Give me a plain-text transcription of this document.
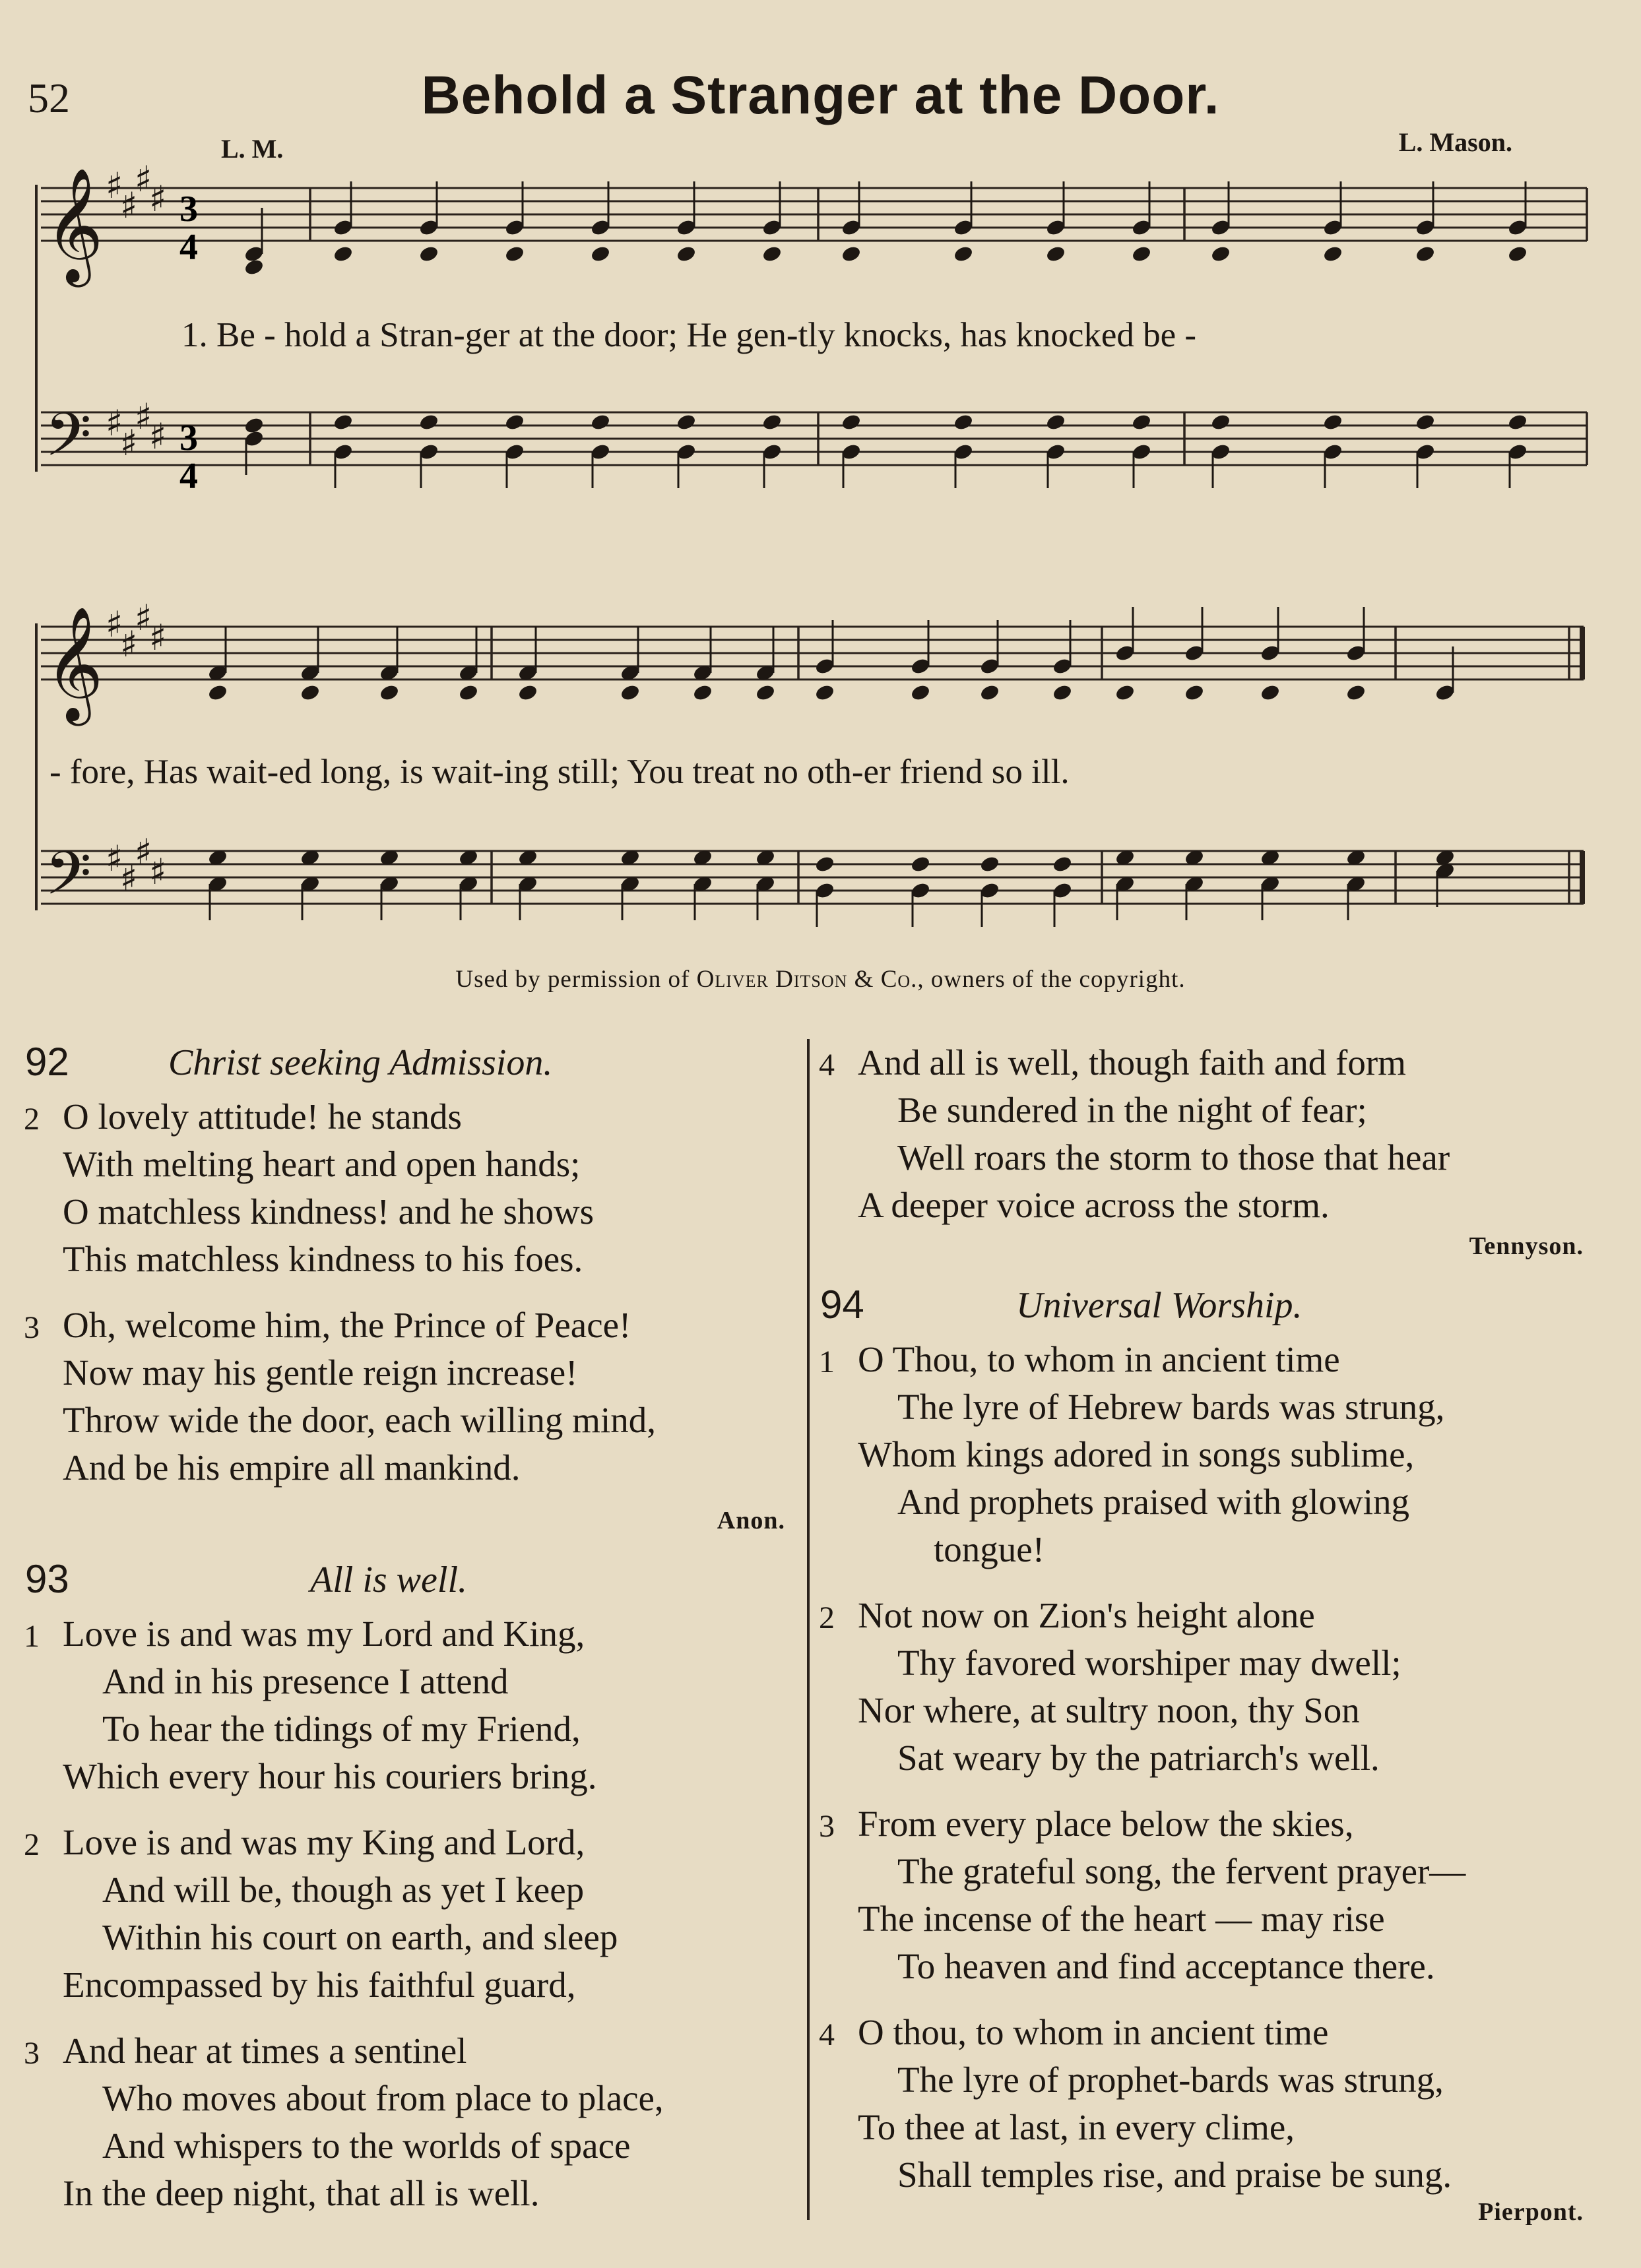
52	Behold a Stranger at the Door.
L. M.	L. Mason.
𝄞
𝄢
𝄞
𝄢
♯
♯
♯
♯
♯
♯
♯
♯
♯
♯
♯
♯
♯
♯
♯
♯
3
4
3
4
1. Be - hold a Stran-ger at the door; He gen-tly knocks, has knocked be -
- fore, Has wait-ed long, is wait-ing still; You treat no oth-er friend so ill.
Used by permission of Oliver Ditson & Co., owners of the copyright.
92	Christ seeking Admission.
2 O lovely attitude! he stands
With melting heart and open hands;
O matchless kindness! and he shows
This matchless kindness to his foes.
3 Oh, welcome him, the Prince of Peace!
Now may his gentle reign increase!
Throw wide the door, each willing mind,
And be his empire all mankind.
Anon.
93	All is well.
1 Love is and was my Lord and King,
And in his presence I attend
To hear the tidings of my Friend,
Which every hour his couriers bring.
2 Love is and was my King and Lord,
And will be, though as yet I keep
Within his court on earth, and sleep
Encompassed by his faithful guard,
3 And hear at times a sentinel
Who moves about from place to place,
And whispers to the worlds of space
In the deep night, that all is well.
4 And all is well, though faith and form
Be sundered in the night of fear;
Well roars the storm to those that hear
A deeper voice across the storm.
Tennyson.
94	Universal Worship.
1 O Thou, to whom in ancient time
The lyre of Hebrew bards was strung,
Whom kings adored in songs sublime,
And prophets praised with glowing
tongue!
2 Not now on Zion's height alone
Thy favored worshiper may dwell;
Nor where, at sultry noon, thy Son
Sat weary by the patriarch's well.
3 From every place below the skies,
The grateful song, the fervent prayer—
The incense of the heart — may rise
To heaven and find acceptance there.
4 O thou, to whom in ancient time
The lyre of prophet-bards was strung,
To thee at last, in every clime,
Shall temples rise, and praise be sung.
Pierpont.
